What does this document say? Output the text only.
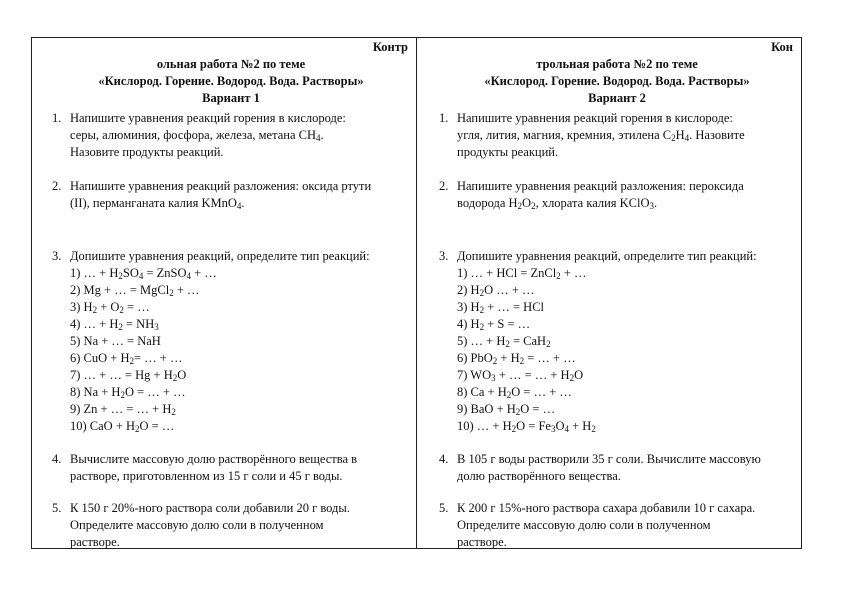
Контр
ольная работа №2 по теме
«Кислород. Горение. Водород. Вода. Растворы»
Вариант 1
1. Напишите уравнения реакций горения в кислороде:
серы, алюминия, фосфора, железа, метана $CH_4$.
Назовите продукты реакций.
2. Напишите уравнения реакций разложения: оксида ртути
(II), перманганата калия KMnO$_4$.
3. Допишите уравнения реакций, определите тип реакций:
1) … + $H_2SO_4$ = ZnSO$_4$ + …
2) Mg + … = MgCl$_2$ + …
3) $H_2 + O_2$ = …
4) … + $H_2 = NH_3$
5) Na + … = NaH
6) CuO + $H_2=$ … + …
7) … + … = $Hg + H_2O$
8) $Na + H_2O$ = … + …
9) Zn + … = … + $H_2$
10) CaO + $H_2O$ = …
4. Вычислите массовую долю растворённого вещества в
растворе, приготовленном из 15 г соли и 45 г воды.
5. К 150 г 20%-ного раствора соли добавили 20 г воды.
Определите массовую долю соли в полученном
растворе.
Кон
трольная работа №2 по теме
«Кислород. Горение. Водород. Вода. Растворы»
Вариант 2
1. Напишите уравнения реакций горения в кислороде:
угля, лития, магния, кремния, этилена $C_2H_4$. Назовите
продукты реакций.
2. Напишите уравнения реакций разложения: пероксида
водорода $H_2O_2$, хлората калия KClO$_3$.
3. Допишите уравнения реакций, определите тип реакций:
1) … + HCl = ZnCl$_2$ + …
2) $H_2O$ … + …
3) $H_2$ + … = HCl
4) $H_2 + S$ = …
5) … + $H_2 = CaH_2$
6) $PbO_2 + H_2$ = … + …
7) $WO_3$ + … = … + $H_2O$
8) $Ca + H_2O$ = … + …
9) BaO + $H_2O$ = …
10) … + $H_2O = Fe_3O_4 + H_2$
4. В 105 г воды растворили 35 г соли. Вычислите массовую
долю растворённого вещества.
5. К 200 г 15%-ного раствора сахара добавили 10 г сахара.
Определите массовую долю соли в полученном
растворе.
